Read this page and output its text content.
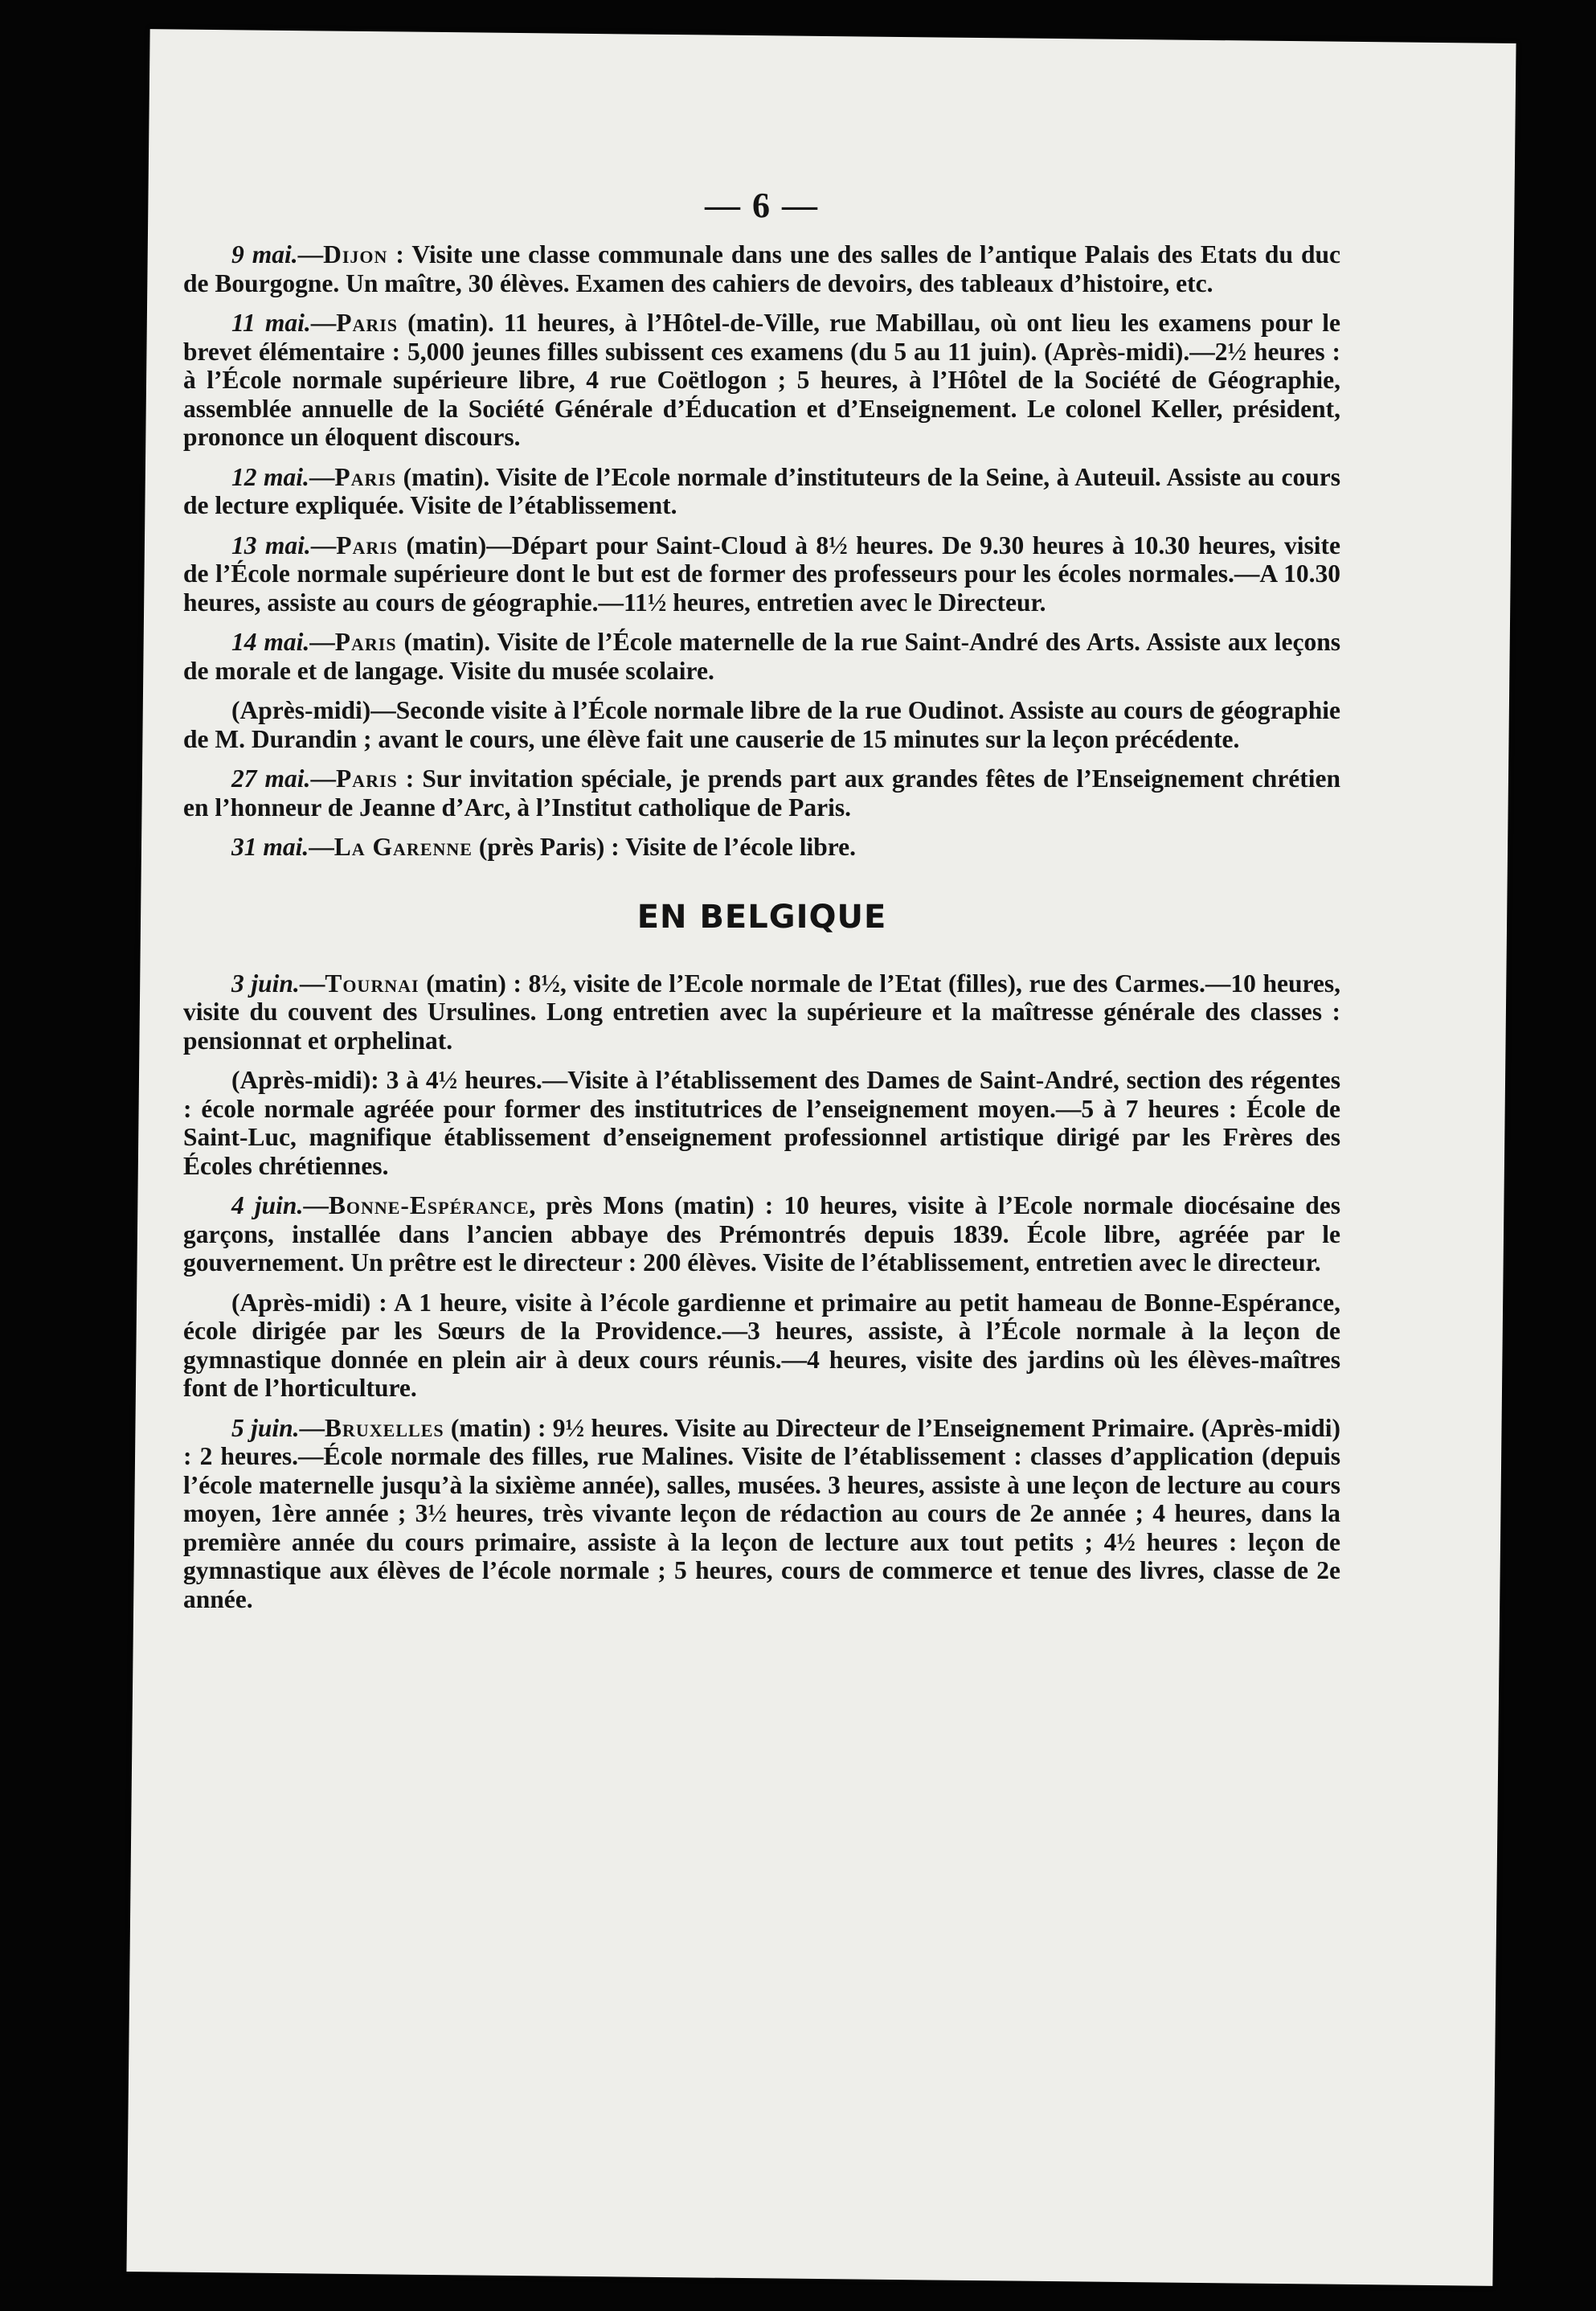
— 6 —

9 mai.—Dijon : Visite une classe communale dans une des salles de l’antique Palais des Etats du duc de Bourgogne. Un maître, 30 élèves. Examen des cahiers de devoirs, des tableaux d’histoire, etc.

11 mai.—Paris (matin). 11 heures, à l’Hôtel-de-Ville, rue Mabillau, où ont lieu les examens pour le brevet élémentaire : 5,000 jeunes filles subissent ces examens (du 5 au 11 juin). (Après-midi).—2½ heures : à l’École normale supérieure libre, 4 rue Coëtlogon ; 5 heures, à l’Hôtel de la Société de Géographie, assemblée annuelle de la Société Générale d’Éducation et d’Enseignement. Le colonel Keller, président, prononce un éloquent discours.

12 mai.—Paris (matin). Visite de l’Ecole normale d’instituteurs de la Seine, à Auteuil. Assiste au cours de lecture expliquée. Visite de l’établissement.

13 mai.—Paris (matin)—Départ pour Saint-Cloud à 8½ heures. De 9.30 heures à 10.30 heures, visite de l’École normale supérieure dont le but est de former des professeurs pour les écoles normales.—A 10.30 heures, assiste au cours de géographie.—11½ heures, entretien avec le Directeur.

14 mai.—Paris (matin). Visite de l’École maternelle de la rue Saint-André des Arts. Assiste aux leçons de morale et de langage. Visite du musée scolaire.

(Après-midi)—Seconde visite à l’École normale libre de la rue Oudinot. Assiste au cours de géographie de M. Durandin ; avant le cours, une élève fait une causerie de 15 minutes sur la leçon précédente.

27 mai.—Paris : Sur invitation spéciale, je prends part aux grandes fêtes de l’Enseignement chrétien en l’honneur de Jeanne d’Arc, à l’Institut catholique de Paris.

31 mai.—La Garenne (près Paris) : Visite de l’école libre.

EN BELGIQUE

3 juin.—Tournai (matin) : 8½, visite de l’Ecole normale de l’Etat (filles), rue des Carmes.—10 heures, visite du couvent des Ursulines. Long entretien avec la supérieure et la maîtresse générale des classes : pensionnat et orphelinat.

(Après-midi): 3 à 4½ heures.—Visite à l’établissement des Dames de Saint-André, section des régentes : école normale agréée pour former des institutrices de l’enseignement moyen.—5 à 7 heures : École de Saint-Luc, magnifique établissement d’enseignement professionnel artistique dirigé par les Frères des Écoles chrétiennes.

4 juin.—Bonne-Espérance, près Mons (matin) : 10 heures, visite à l’Ecole normale diocésaine des garçons, installée dans l’ancien abbaye des Prémontrés depuis 1839. École libre, agréée par le gouvernement. Un prêtre est le directeur : 200 élèves. Visite de l’établissement, entretien avec le directeur.

(Après-midi) : A 1 heure, visite à l’école gardienne et primaire au petit hameau de Bonne-Espérance, école dirigée par les Sœurs de la Providence.—3 heures, assiste, à l’École normale à la leçon de gymnastique donnée en plein air à deux cours réunis.—4 heures, visite des jardins où les élèves-maîtres font de l’horticulture.

5 juin.—Bruxelles (matin) : 9½ heures. Visite au Directeur de l’Enseignement Primaire. (Après-midi) : 2 heures.—École normale des filles, rue Malines. Visite de l’établissement : classes d’application (depuis l’école maternelle jusqu’à la sixième année), salles, musées. 3 heures, assiste à une leçon de lecture au cours moyen, 1ère année ; 3½ heures, très vivante leçon de rédaction au cours de 2e année ; 4 heures, dans la première année du cours primaire, assiste à la leçon de lecture aux tout petits ; 4½ heures : leçon de gymnastique aux élèves de l’école normale ; 5 heures, cours de commerce et tenue des livres, classe de 2e année.
